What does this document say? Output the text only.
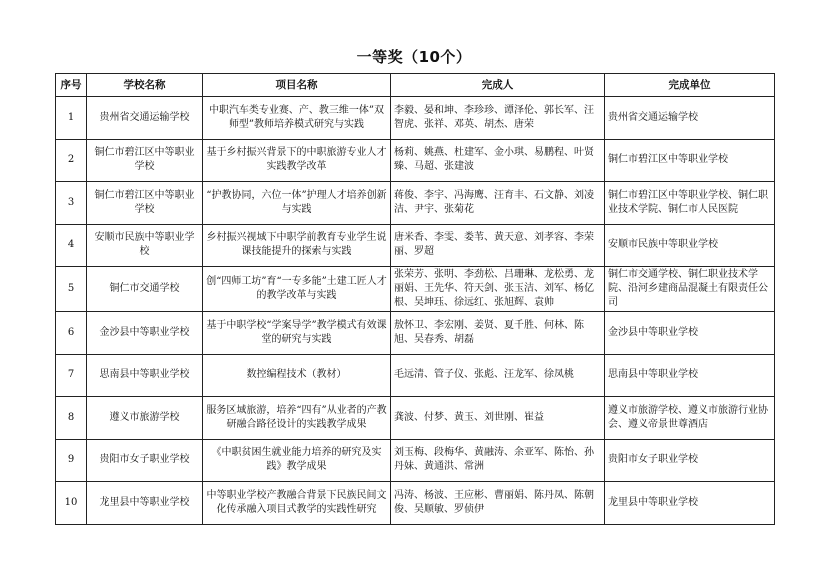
一等奖（10个）
序号	学校名称	项目名称	完成人	完成单位
1	贵州省交通运输学校	中职汽车类专业赛、产、教三维一体”双师型”教师培养模式研究与实践	李毅、晏和坤、李珍珍、谭泽伦、郭长军、汪智虎、张祥、邓英、胡杰、唐荣	贵州省交通运输学校
2	铜仁市碧江区中等职业学校	基于乡村振兴背景下的中职旅游专业人才实践教学改革	杨莉、姚燕、杜建军、金小琪、易鹏程、叶贤臻、马超、张建波	铜仁市碧江区中等职业学校
3	铜仁市碧江区中等职业学校	“护教协同，六位一体”护理人才培养创新与实践	蒋俊、李宇、冯海鹰、汪育丰、石文静、刘凌洁、尹宇、张菊花	铜仁市碧江区中等职业学校、铜仁职业技术学院、铜仁市人民医院
4	安顺市民族中等职业学校	乡村振兴视域下中职学前教育专业学生说课技能提升的探索与实践	唐米香、李雯、娄苇、黄天意、刘孝容、李荣丽、罗超	安顺市民族中等职业学校
5	铜仁市交通学校	创“四师工坊”育“一专多能”土建工匠人才的教学改革与实践	张荣芳、张明、李劲松、吕珊琳、龙松勇、龙丽娟、王先华、符天剑、张玉洁、刘军、杨亿根、吴坤珏、徐远红、张旭辉、袁帅	铜仁市交通学校、铜仁职业技术学院、沿河乡建商品混凝土有限责任公司
6	金沙县中等职业学校	基于中职学校“学案导学”教学模式有效课堂的研究与实践	敖怀卫、李宏刚、姜贤、夏千胜、何林、陈旭、吴春秀、胡磊	金沙县中等职业学校
7	思南县中等职业学校	数控编程技术（教材）	毛远清、管子仪、张彪、汪龙军、徐凤桃	思南县中等职业学校
8	遵义市旅游学校	服务区域旅游，培养“四有”从业者的产教研融合路径设计的实践教学成果	龚波、付梦、黄玉、刘世刚、崔益	遵义市旅游学校、遵义市旅游行业协会、遵义帝景世尊酒店
9	贵阳市女子职业学校	《中职贫困生就业能力培养的研究及实践》教学成果	刘玉梅、段梅华、黄融涛、余亚军、陈怡、孙丹妹、黄通洪、常洲	贵阳市女子职业学校
10	龙里县中等职业学校	中等职业学校产教融合背景下民族民间文化传承融入项目式教学的实践性研究	冯涛、杨波、王应彬、曹丽娟、陈丹凤、陈朝俊、吴顺敏、罗侦伊	龙里县中等职业学校
